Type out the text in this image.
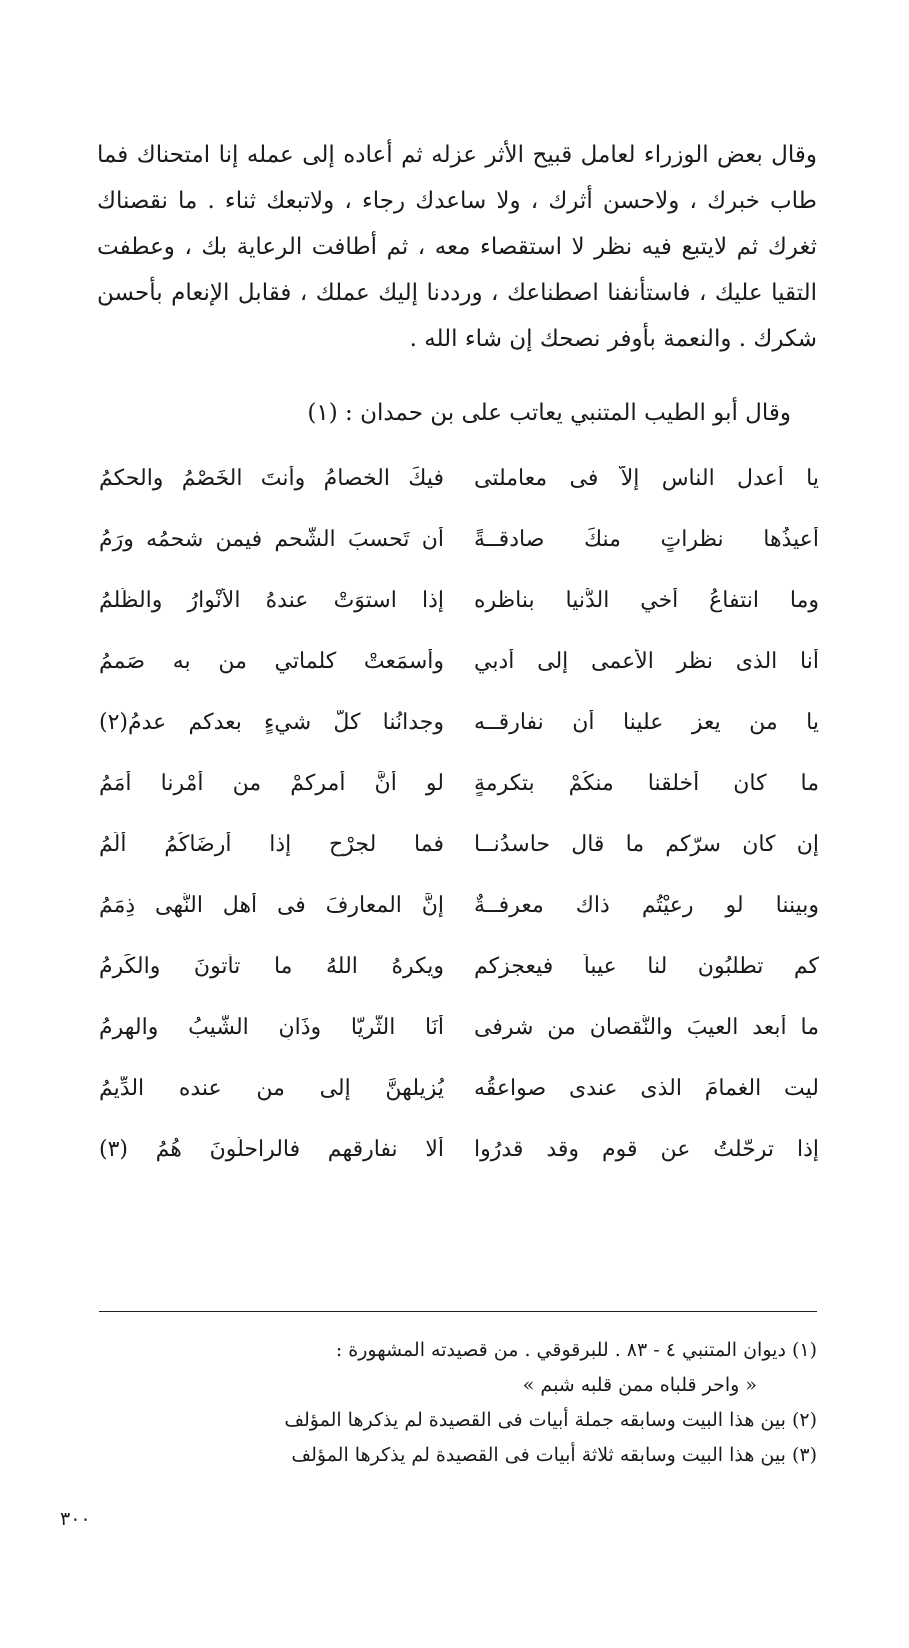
وقال بعض الوزراء لعامل قبيح الأثر عزله ثم أعاده إلى عمله إنا امتحناك فما طاب خبرك ، ولاحسن أثرك ، ولا ساعدك رجاء ، ولاتبعك ثناء . ما نقصناك ثغرك ثم لايتبع فيه نظر لا استقصاء معه ، ثم أطافت الرعاية بك ، وعطفت التقيا عليك ، فاستأنفنا اصطناعك ، ورددنا إليك عملك ، فقابل الإنعام بأحسن شكرك . والنعمة بأوفر نصحك إن شاء الله .

وقال أبو الطيب المتنبي يعاتب على بن حمدان : (١)
يا أعدل الناس إلاّ فى معاملتى
فيكَ الخصامُ وأنتَ الخَصْمُ والحكمُ
أعيذُها نظراتٍ منكَ صادقــةً
أن تَحسبَ الشَّحم فيمن شحمُه ورَمُ
وما انتفاعُ أخي الدُّنيا بناظرِه
إذا استوَتْ عندهُ الأنْوارُ والظُلمُ
أنا الذى نظر الأعمى إلى أدبي
وأسمَعتْ كلماتي من به صَممُ
يا من يعز علينا أن نفارقــه
وجدانُنا كلّ شيءٍ بعدكم عدمُ(٢)
ما كان أخلقنا منكُمْ بتكرمةٍ
لو أنَّ أمركمْ من أمْرنا أَمَمُ
إن كان سرّكم ما قال حاسدُنــا
فما لجرْحٍ إذا أرضَاكُمُ ألَمُ
وبيننا لو رعيْتُم ذاك معرفــةٌ
إنَّ المعارفَ فى أهل النُّهى ذِمَمُ
كم تطلبُون لنا عيباً فيعجزكم
ويكرهُ اللهُ ما تأْتونَ والكَرمُ
ما أبعد العيبَ والنُّقصان من شرفى
أنَا الثُّريّا وذَانِ الشّيبُ والهرمُ
ليت الغمامَ الذى عندى صواعقُه
يُزيلهنَّ إلى من عنده الدِّيمُ
إذا ترحّلتُ عن قوم وقد قدرُوا
ألا نفارقهم فالراحلُونَ هُمُ (٣)
(١) ديوان المتنبي ٤ - ٨٣ . للبرقوقي . من قصيدته المشهورة :
« واحر قلباه ممن قلبه شبم »
(٢) بين هذا البيت وسابقه جملة أبيات فى القصيدة لم يذكرها المؤلف
(٣) بين هذا البيت وسابقه ثلاثة أبيات فى القصيدة لم يذكرها المؤلف
٣٠٠
